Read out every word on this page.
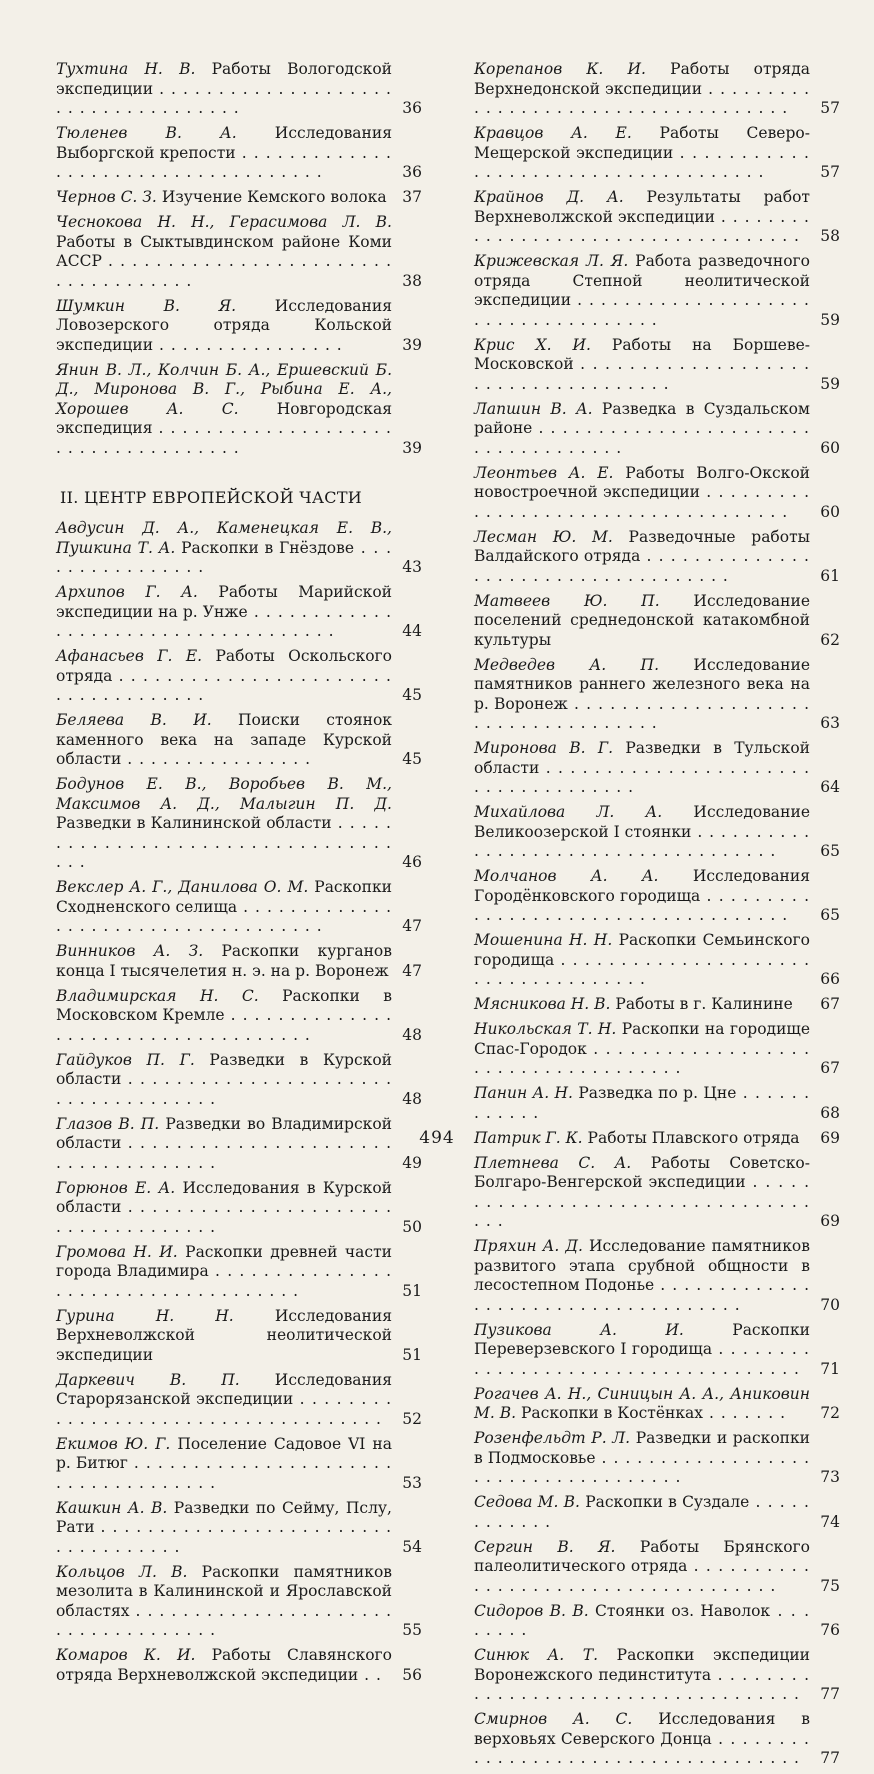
Тухтина Н. В. Работы Вологодской экспедиции . . . . . . . . . . . . . . . . . . . . . . . . . . . . . . . . . . . .	36
Тюленев В. А. Исследования Выборгской крепости . . . . . . . . . . . . . . . . . . . . . . . . . . . . . . . . . . . .	36
Чернов С. З. Изучение Кемского волока 37
Чеснокова Н. Н., Герасимова Л. В. Работы в Сыктывдинском районе Коми АССР . . . . . . . . . . . . . . . . . . . . . . . . . . . . . . . . . . . .	38
Шумкин В. Я. Исследования Ловозерского отряда Кольской экспедиции . . . . . . . . . . . . . . . .	39
Янин В. Л., Колчин Б. А., Ершевский Б. Д., Миронова В. Г., Рыбина Е. А., Хорошев А. С. Новгородская экспедиция . . . . . . . . . . . . . . . . . . . . . . . . . . . . . . . . . . . .	39
II. ЦЕНТР ЕВРОПЕЙСКОЙ ЧАСТИ
Авдусин Д. А., Каменецкая Е. В., Пушкина Т. А. Раскопки в Гнёздове . . . . . . . . . . . . . . . .	43
Архипов Г. А. Работы Марийской экспедиции на р. Унже . . . . . . . . . . . . . . . . . . . . . . . . . . . . . . . . . . . .	44
Афанасьев Г. Е. Работы Оскольского отряда . . . . . . . . . . . . . . . . . . . . . . . . . . . . . . . . . . . .	45
Беляева В. И. Поиски стоянок каменного века на западе Курской области . . . . . . . . . . . . . . . .	45
Бодунов Е. В., Воробьев В. М., Максимов А. Д., Малыгин П. Д. Разведки в Калининской области . . . . . . . . . . . . . . . . . . . . . . . . . . . . . . . . . . . .	46
Векслер А. Г., Данилова О. М. Раскопки Сходненского селища . . . . . . . . . . . . . . . . . . . . . . . . . . . . . . . . . . . .	47
Винников А. З. Раскопки курганов конца I тысячелетия н. э. на р. Воронеж 47
Владимирская Н. С. Раскопки в Московском Кремле . . . . . . . . . . . . . . . . . . . . . . . . . . . . . . . . . . . .	48
Гайдуков П. Г. Разведки в Курской области . . . . . . . . . . . . . . . . . . . . . . . . . . . . . . . . . . . .	48
Глазов В. П. Разведки во Владимирской области . . . . . . . . . . . . . . . . . . . . . . . . . . . . . . . . . . . .	49
Горюнов Е. А. Исследования в Курской области . . . . . . . . . . . . . . . . . . . . . . . . . . . . . . . . . . . .	50
Громова Н. И. Раскопки древней части города Владимира . . . . . . . . . . . . . . . . . . . . . . . . . . . . . . . . . . . .	51
Гурина Н. Н.	Исследования Верхневолжской неолитической экспедиции	51
Даркевич В. П. Исследования Старорязанской экспедиции . . . . . . . . . . . . . . . . . . . . . . . . . . . . . . . . . . . . 52
Екимов Ю. Г. Поселение Садовое VI на р. Битюг . . . . . . . . . . . . . . . . . . . . . . . . . . . . . . . . . . . .	53
Кашкин А. В. Разведки по Сейму, Пслу, Рати . . . . . . . . . . . . . . . . . . . . . . . . . . . . . . . . . . . .	54
Кольцов Л. В. Раскопки памятников мезолита в Калининской и Ярославской областях . . . . . . . . . . . . . . . . . . . . . . . . . . . . . . . . . . . .	55
Комаров К. И. Работы Славянского отряда Верхневолжской экспедиции . . 56
Корепанов К. И. Работы отряда Верхнедонской экспедиции . . . . . . . . . . . . . . . . . . . . . . . . . . . . . . . . . . . . 57
Кравцов А. Е. Работы Северо-Мещерской экспедиции . . . . . . . . . . . . . . . . . . . . . . . . . . . . . . . . . . . .	57
Крайнов Д. А. Результаты работ Верхневолжской экспедиции . . . . . . . . . . . . . . . . . . . . . . . . . . . . . . . . . . . . 58
Крижевская Л. Я. Работа разведочного отряда Степной неолитической экспедиции . . . . . . . . . . . . . . . . . . . . . . . . . . . . . . . . . . . .	59
Крис Х. И. Работы на Боршеве-Московской . . . . . . . . . . . . . . . . . . . . . . . . . . . . . . . . . . . .	59
Лапшин В. А. Разведка в Суздальском районе . . . . . . . . . . . . . . . . . . . . . . . . . . . . . . . . . . . .	60
Леонтьев А. Е. Работы Волго-Окской новостроечной экспедиции . . . . . . . . . . . . . . . . . . . . . . . . . . . . . . . . . . . . 60
Лесман Ю. М. Разведочные работы Валдайского отряда . . . . . . . . . . . . . . . . . . . . . . . . . . . . . . . . . . . .	61
Матвеев Ю. П. Исследование поселений среднедонской катакомбной культуры	62
Медведев А. П. Исследование памятников раннего железного века на р. Воронеж . . . . . . . . . . . . . . . . . . . . . . . . . . . . . . . . . . . .	63
Миронова В. Г. Разведки в Тульской области . . . . . . . . . . . . . . . . . . . . . . . . . . . . . . . . . . . .	64
Михайлова Л. А. Исследование Великоозерской I стоянки . . . . . . . . . . . . . . . . . . . . . . . . . . . . . . . . . . . .	65
Молчанов А. А. Исследования Городёнковского городища . . . . . . . . . . . . . . . . . . . . . . . . . . . . . . . . . . . . 65
Мошенина Н. Н. Раскопки Семьинского городища . . . . . . . . . . . . . . . . . . . . . . . . . . . . . . . . . . . .	66
Мясникова Н. В. Работы в г. Калинине 67
Никольская Т. Н. Раскопки на городище Спас-Городок . . . . . . . . . . . . . . . . . . . . . . . . . . . . . . . . . . . .	67
Панин А. Н. Разведка по р. Цне . . . . . . . . . . . .	68
Патрик Г. К. Работы Плавского отряда 69
Плетнева С. А. Работы Советско-Болгаро-Венгерской экспедиции . . . . . . . . . . . . . . . . . . . . . . . . . . . . . . . . . . . .	69
Пряхин А. Д. Исследование памятников развитого этапа срубной общности в лесостепном Подонье . . . . . . . . . . . . . . . . . . . . . . . . . . . . . . . . . . . .	70
Пузикова А. И.	Раскопки Переверзевского I городища . . . . . . . . . . . . . . . . . . . . . . . . . . . . . . . . . . . . 71
Рогачев А. Н., Синицын А. А., Аниковин М. В. Раскопки в Костёнках . . . . . . . 72
Розенфельдт Р. Л. Разведки и раскопки в Подмосковье . . . . . . . . . . . . . . . . . . . . . . . . . . . . . . . . . . . .	73
Седова М. В. Раскопки в Суздале . . . . . . . . . . . .	74
Сергин В. Я. Работы Брянского палеолитического отряда . . . . . . . . . . . . . . . . . . . . . . . . . . . . . . . . . . . .	75
Сидоров В. В. Стоянки оз. Наволок . . . . . . . .	76
Синюк А. Т. Раскопки экспедиции Воронежского пединститута . . . . . . . . . . . . . . . . . . . . . . . . . . . . . . . . . . . . 77
Смирнов А. С. Исследования в верховьях Северского Донца . . . . . . . . . . . . . . . . . . . . . . . . . . . . . . . . . . . . 77
494
